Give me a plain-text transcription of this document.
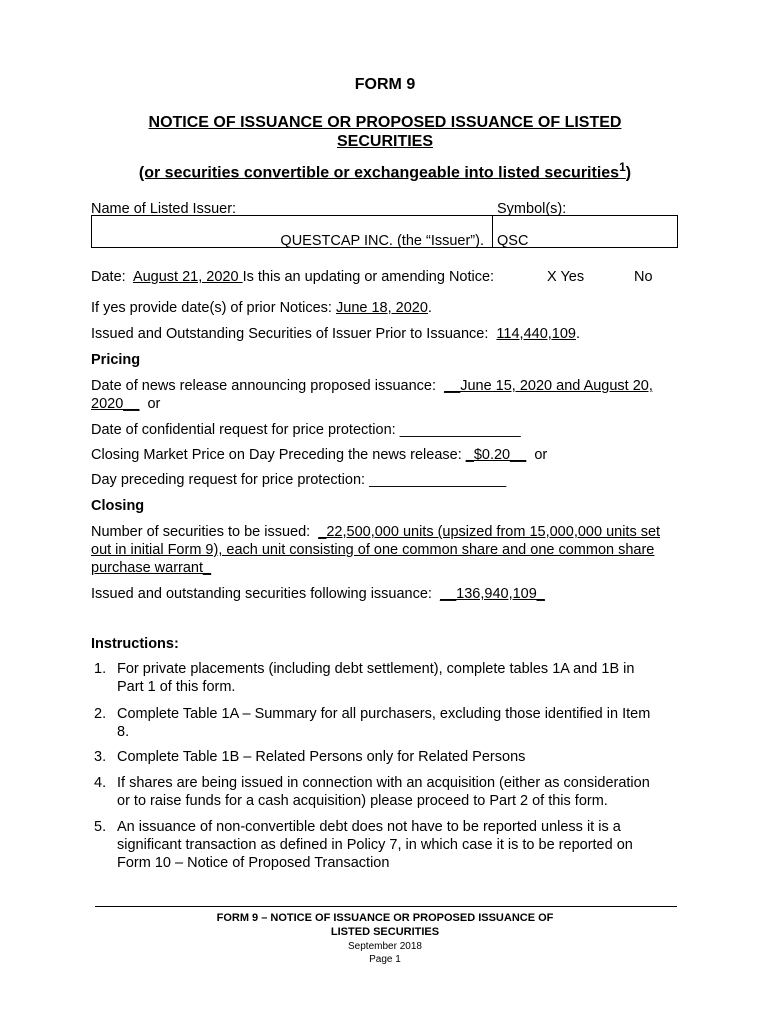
FORM 9
NOTICE OF ISSUANCE OR PROPOSED ISSUANCE OF LISTED
SECURITIES
(or securities convertible or exchangeable into listed securities$^1$)
Name of Listed Issuer:	Symbol(s):
QUESTCAP INC. (the “Issuer”). QSC
Date: August 21, 2020 Is this an updating or amending Notice:	X Yes	No
If yes provide date(s) of prior Notices: June 18, 2020.
Issued and Outstanding Securities of Issuer Prior to Issuance: 114,440,109.
Pricing
Date of news release announcing proposed issuance: __June 15, 2020 and August 20,
2020__ or
Date of confidential request for price protection: _______________
Closing Market Price on Day Preceding the news release: _$0.20__ or
Day preceding request for price protection: _________________
Closing
Number of securities to be issued: _22,500,000 units (upsized from 15,000,000 units set
out in initial Form 9), each unit consisting of one common share and one common share
purchase warrant_
Issued and outstanding securities following issuance: __136,940,109_
Instructions:
1. For private placements (including debt settlement), complete tables 1A and 1B in
Part 1 of this form.
2. Complete Table 1A – Summary for all purchasers, excluding those identified in Item
8.
3. Complete Table 1B – Related Persons only for Related Persons
4. If shares are being issued in connection with an acquisition (either as consideration
or to raise funds for a cash acquisition) please proceed to Part 2 of this form.
5. An issuance of non-convertible debt does not have to be reported unless it is a
significant transaction as defined in Policy 7, in which case it is to be reported on
Form 10 – Notice of Proposed Transaction
FORM 9 – NOTICE OF ISSUANCE OR PROPOSED ISSUANCE OF
LISTED SECURITIES
September 2018
Page 1
